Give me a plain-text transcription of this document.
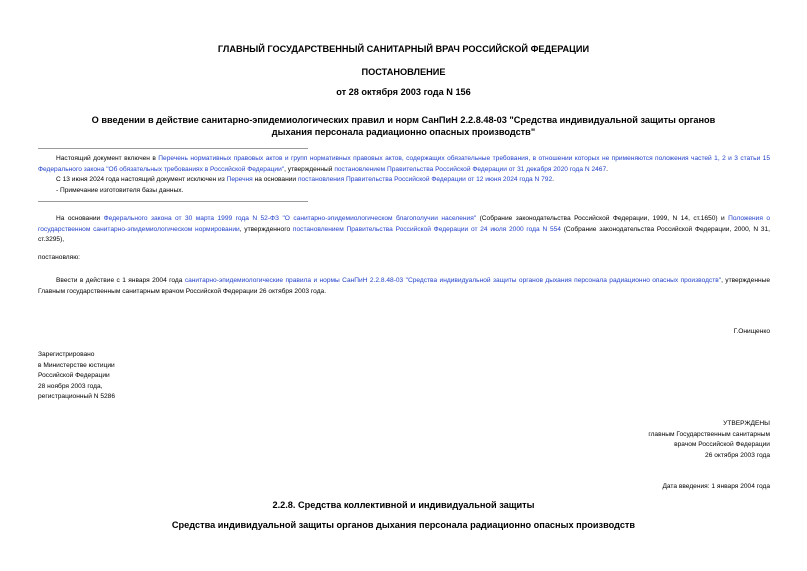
ГЛАВНЫЙ ГОСУДАРСТВЕННЫЙ САНИТАРНЫЙ ВРАЧ РОССИЙСКОЙ ФЕДЕРАЦИИ
ПОСТАНОВЛЕНИЕ
от 28 октября 2003 года N 156
О введении в действие санитарно-эпидемиологических правил и норм СанПиН 2.2.8.48-03 "Средства индивидуальной защиты органов дыхания персонала радиационно опасных производств"
Настоящий документ включен в Перечень нормативных правовых актов и групп нормативных правовых актов, содержащих обязательные требования, в отношении которых не применяются положения частей 1, 2 и 3 статьи 15 Федерального закона "Об обязательных требованиях в Российской Федерации", утвержденный постановлением Правительства Российской Федерации от 31 декабря 2020 года N 2467.
С 13 июня 2024 года настоящий документ исключен из Перечня на основании постановления Правительства Российской Федерации от 12 июня 2024 года N 792.
- Примечание изготовителя базы данных.
На основании Федерального закона от 30 марта 1999 года N 52-ФЗ "О санитарно-эпидемиологическом благополучии населения" (Собрание законодательства Российской Федерации, 1999, N 14, ст.1650) и Положения о государственном санитарно-эпидемиологическом нормировании, утвержденного постановлением Правительства Российской Федерации от 24 июля 2000 года N 554 (Собрание законодательства Российской Федерации, 2000, N 31, ст.3295),
постановляю:
Ввести в действие с 1 января 2004 года санитарно-эпидемиологические правила и нормы СанПиН 2.2.8.48-03 "Средства индивидуальной защиты органов дыхания персонала радиационно опасных производств", утвержденные Главным государственным санитарным врачом Российской Федерации 26 октября 2003 года.
Г.Онищенко
Зарегистрировано
в Министерстве юстиции
Российской Федерации
28 ноября 2003 года,
регистрационный N 5286
УТВЕРЖДЕНЫ
главным Государственным санитарным
врачом Российской Федерации
26 октября 2003 года
Дата введения: 1 января 2004 года
2.2.8. Средства коллективной и индивидуальной защиты
Средства индивидуальной защиты органов дыхания персонала радиационно опасных производств
